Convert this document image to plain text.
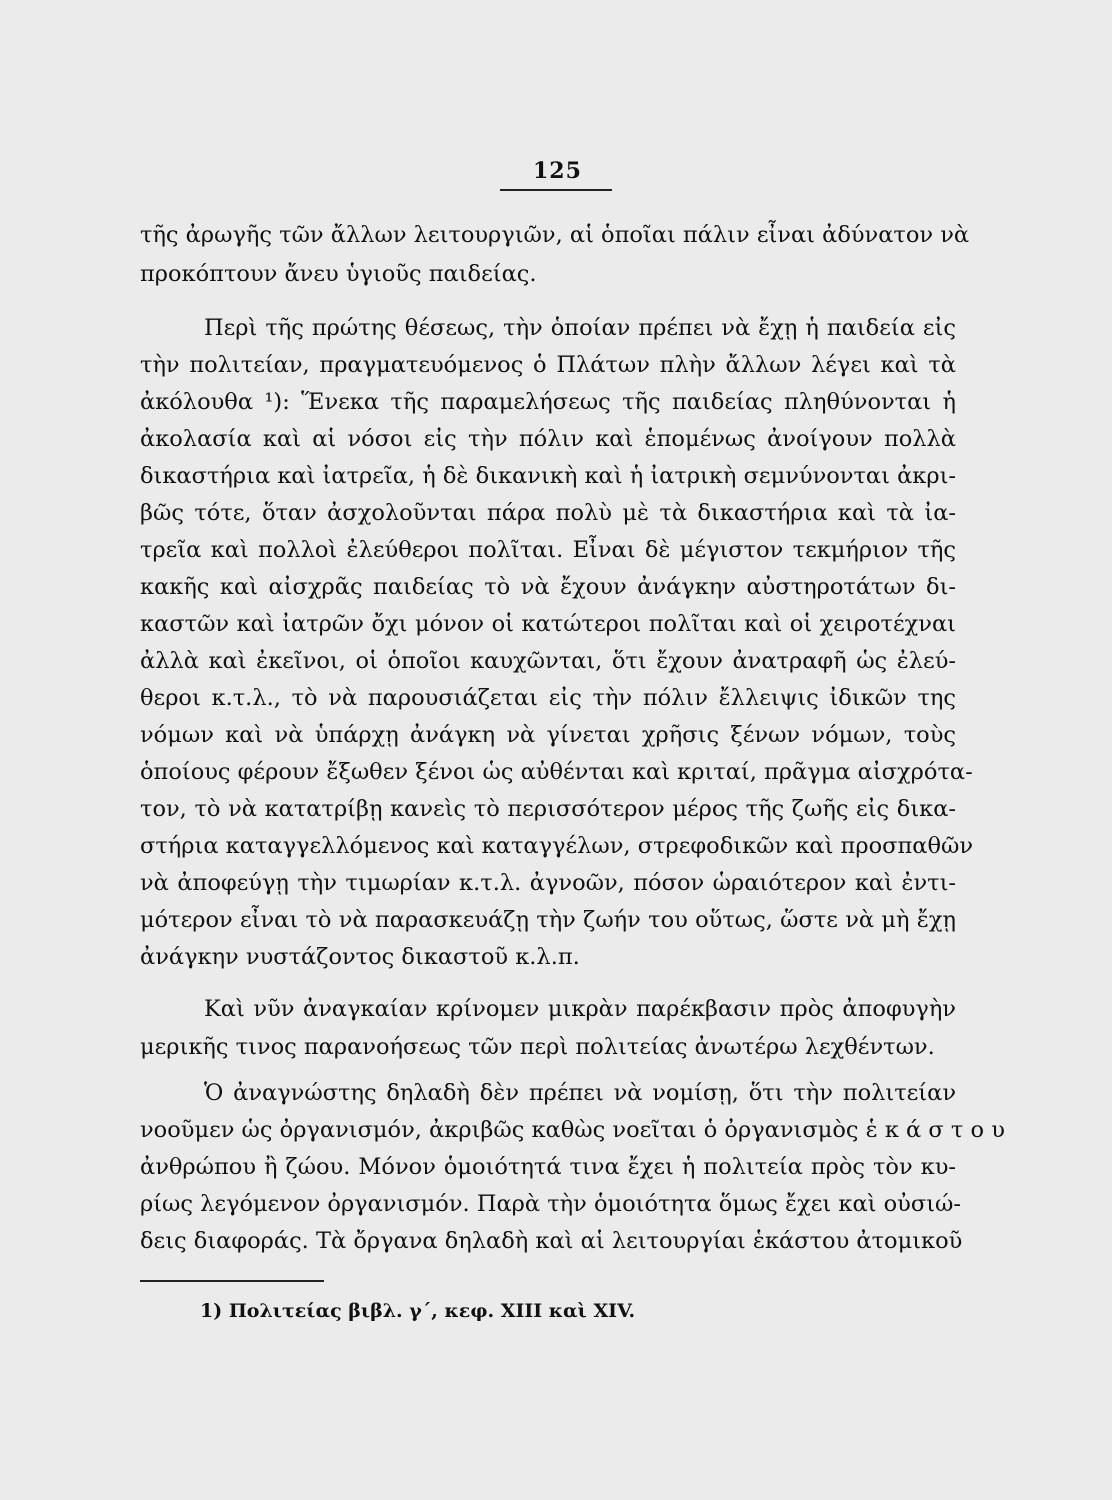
125
τῆς ἀρωγῆς τῶν ἄλλων λειτουργιῶν, αἱ ὁποῖαι πάλιν εἶναι ἀδύνατον νὰ
προκόπτουν ἄνευ ὑγιοῦς παιδείας.
Περὶ τῆς πρώτης θέσεως, τὴν ὁποίαν πρέπει νὰ ἔχῃ ἡ παιδεία εἰς
τὴν πολιτείαν, πραγματευόμενος ὁ Πλάτων πλὴν ἄλλων λέγει καὶ τὰ
ἀκόλουθα ¹): Ἕνεκα τῆς παραμελήσεως τῆς παιδείας πληθύνονται ἡ
ἀκολασία καὶ αἱ νόσοι εἰς τὴν πόλιν καὶ ἑπομένως ἀνοίγουν πολλὰ
δικαστήρια καὶ ἰατρεῖα, ἡ δὲ δικανικὴ καὶ ἡ ἰατρικὴ σεμνύνονται ἀκρι-
βῶς τότε, ὅταν ἀσχολοῦνται πάρα πολὺ μὲ τὰ δικαστήρια καὶ τὰ ἰα-
τρεῖα καὶ πολλοὶ ἐλεύθεροι πολῖται. Εἶναι δὲ μέγιστον τεκμήριον τῆς
κακῆς καὶ αἰσχρᾶς παιδείας τὸ νὰ ἔχουν ἀνάγκην αὐστηροτάτων δι-
καστῶν καὶ ἰατρῶν ὄχι μόνον οἱ κατώτεροι πολῖται καὶ οἱ χειροτέχναι
ἀλλὰ καὶ ἐκεῖνοι, οἱ ὁποῖοι καυχῶνται, ὅτι ἔχουν ἀνατραφῆ ὡς ἐλεύ-
θεροι κ.τ.λ., τὸ νὰ παρουσιάζεται εἰς τὴν πόλιν ἔλλειψις ἰδικῶν της
νόμων καὶ νὰ ὑπάρχῃ ἀνάγκη νὰ γίνεται χρῆσις ξένων νόμων, τοὺς
ὁποίους φέρουν ἔξωθεν ξένοι ὡς αὐθένται καὶ κριταί, πρᾶγμα αἰσχρότα-
τον, τὸ νὰ κατατρίβῃ κανεὶς τὸ περισσότερον μέρος τῆς ζωῆς εἰς δικα-
στήρια καταγγελλόμενος καὶ καταγγέλων, στρεφοδικῶν καὶ προσπαθῶν
νὰ ἀποφεύγῃ τὴν τιμωρίαν κ.τ.λ. ἀγνοῶν, πόσον ὡραιότερον καὶ ἐντι-
μότερον εἶναι τὸ νὰ παρασκευάζῃ τὴν ζωήν του οὕτως, ὥστε νὰ μὴ ἔχῃ
ἀνάγκην νυστάζοντος δικαστοῦ κ.λ.π.
Καὶ νῦν ἀναγκαίαν κρίνομεν μικρὰν παρέκβασιν πρὸς ἀποφυγὴν
μερικῆς τινος παρανοήσεως τῶν περὶ πολιτείας ἀνωτέρω λεχθέντων.
Ὁ ἀναγνώστης δηλαδὴ δὲν πρέπει νὰ νομίσῃ, ὅτι τὴν πολιτείαν
νοοῦμεν ὡς ὀργανισμόν, ἀκριβῶς καθὼς νοεῖται ὁ ὀργανισμὸς ἑ κ ά σ τ ο υ
ἀνθρώπου ἢ ζώου. Μόνον ὁμοιότητά τινα ἔχει ἡ πολιτεία πρὸς τὸν κυ-
ρίως λεγόμενον ὀργανισμόν. Παρὰ τὴν ὁμοιότητα ὅμως ἔχει καὶ οὐσιώ-
δεις διαφοράς. Τὰ ὄργανα δηλαδὴ καὶ αἱ λειτουργίαι ἑκάστου ἀτομικοῦ
1) Πολιτείας βιβλ. γ΄, κεφ. XIII καὶ XIV.
